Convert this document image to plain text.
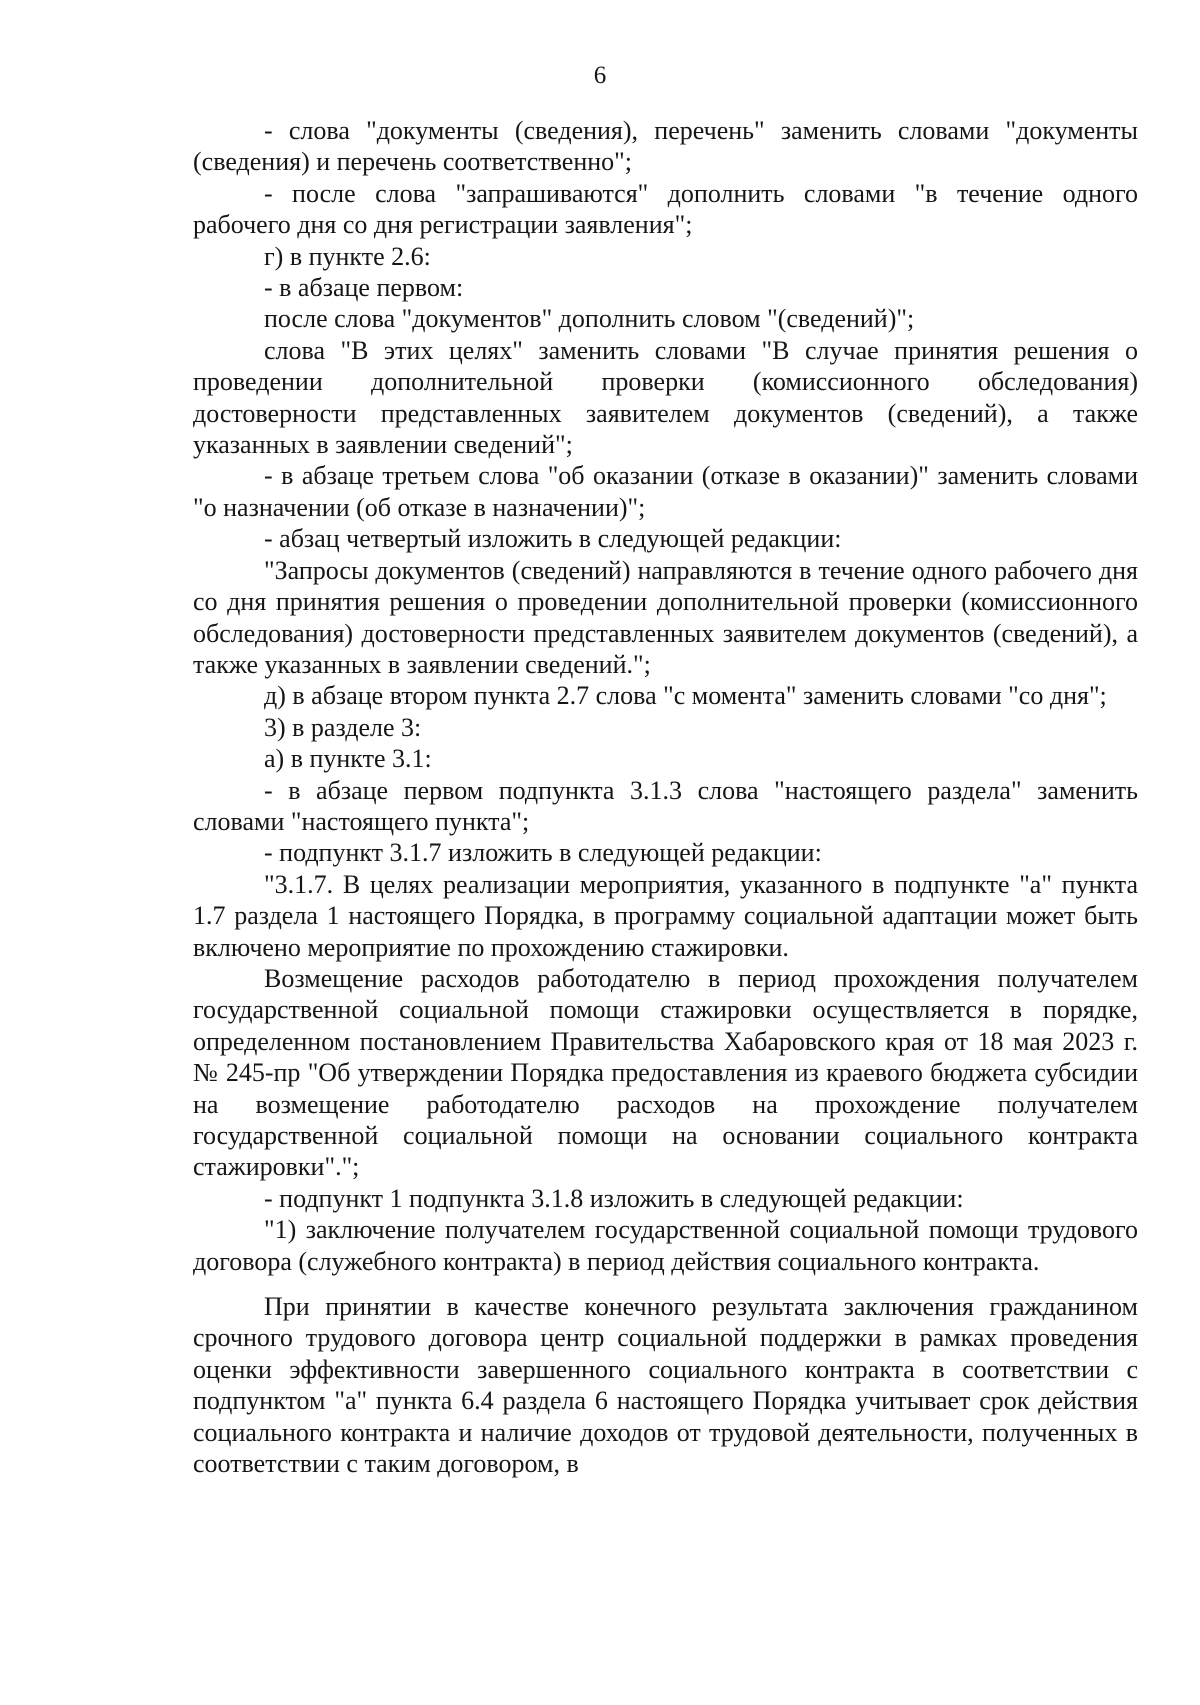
6

- слова "документы (сведения), перечень" заменить словами "документы (сведения) и перечень соответственно";

- после слова "запрашиваются" дополнить словами "в течение одного рабочего дня со дня регистрации заявления";

г) в пункте 2.6:

- в абзаце первом:

после слова "документов" дополнить словом "(сведений)";

слова "В этих целях" заменить словами "В случае принятия решения о проведении дополнительной проверки (комиссионного обследования) достоверности представленных заявителем документов (сведений), а также указанных в заявлении сведений";

- в абзаце третьем слова "об оказании (отказе в оказании)" заменить словами "о назначении (об отказе в назначении)";

- абзац четвертый изложить в следующей редакции:

"Запросы документов (сведений) направляются в течение одного рабочего дня со дня принятия решения о проведении дополнительной проверки (комиссионного обследования) достоверности представленных заявителем документов (сведений), а также указанных в заявлении сведений.";

д) в абзаце втором пункта 2.7 слова "с момента" заменить словами "со дня";

3) в разделе 3:

а) в пункте 3.1:

- в абзаце первом подпункта 3.1.3 слова "настоящего раздела" заменить словами "настоящего пункта";

- подпункт 3.1.7 изложить в следующей редакции:

"3.1.7. В целях реализации мероприятия, указанного в подпункте "а" пункта 1.7 раздела 1 настоящего Порядка, в программу социальной адаптации может быть включено мероприятие по прохождению стажировки.

Возмещение расходов работодателю в период прохождения получателем государственной социальной помощи стажировки осуществляется в порядке, определенном постановлением Правительства Хабаровского края от 18 мая 2023 г. № 245-пр "Об утверждении Порядка предоставления из краевого бюджета субсидии на возмещение работодателю расходов на прохождение получателем государственной социальной помощи на основании социального контракта стажировки".";

- подпункт 1 подпункта 3.1.8 изложить в следующей редакции:

"1) заключение получателем государственной социальной помощи трудового договора (служебного контракта) в период действия социального контракта.

При принятии в качестве конечного результата заключения гражданином срочного трудового договора центр социальной поддержки в рамках проведения оценки эффективности завершенного социального контракта в соответствии с подпунктом "а" пункта 6.4 раздела 6 настоящего Порядка учитывает срок действия социального контракта и наличие доходов от трудовой деятельности, полученных в соответствии с таким договором, в
